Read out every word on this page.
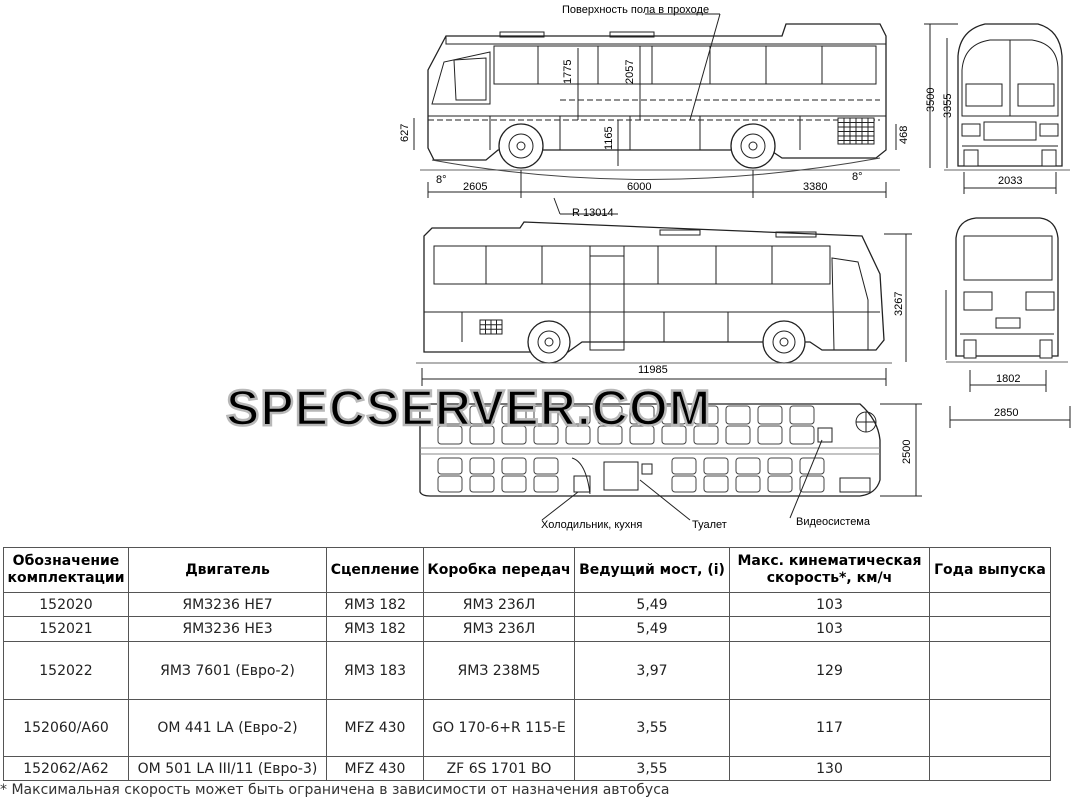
Поверхность пола в проходе
R 13014
Холодильник, кухня	Туалет	Видеосистема
2605	6000	3380
8°	8°
11985
2033
1802
2850
1775	2057
1165
627	468
3500 3355
3267
2500
SPECSERVER.COM
Обозначение комплектации	Двигатель	Сцепление	Коробка передач	Ведущий мост, (i)	Макс. кинематическая скорость*, км/ч	Года выпуска
152020	ЯМЗ236 НЕ7	ЯМЗ 182	ЯМЗ 236Л	5,49	103	
152021	ЯМЗ236 НЕ3	ЯМЗ 182	ЯМЗ 236Л	5,49	103	
152022	ЯМЗ 7601 (Евро-2)	ЯМЗ 183	ЯМЗ 238М5	3,97	129	
152060/А60	ОМ 441 LA (Евро-2)	MFZ 430	GO 170-6+R 115-E	3,55	117	
152062/А62	ОМ 501 LA III/11 (Евро-3)	MFZ 430	ZF 6S 1701 BO	3,55	130	
* Максимальная скорость может быть ограничена в зависимости от назначения автобуса
